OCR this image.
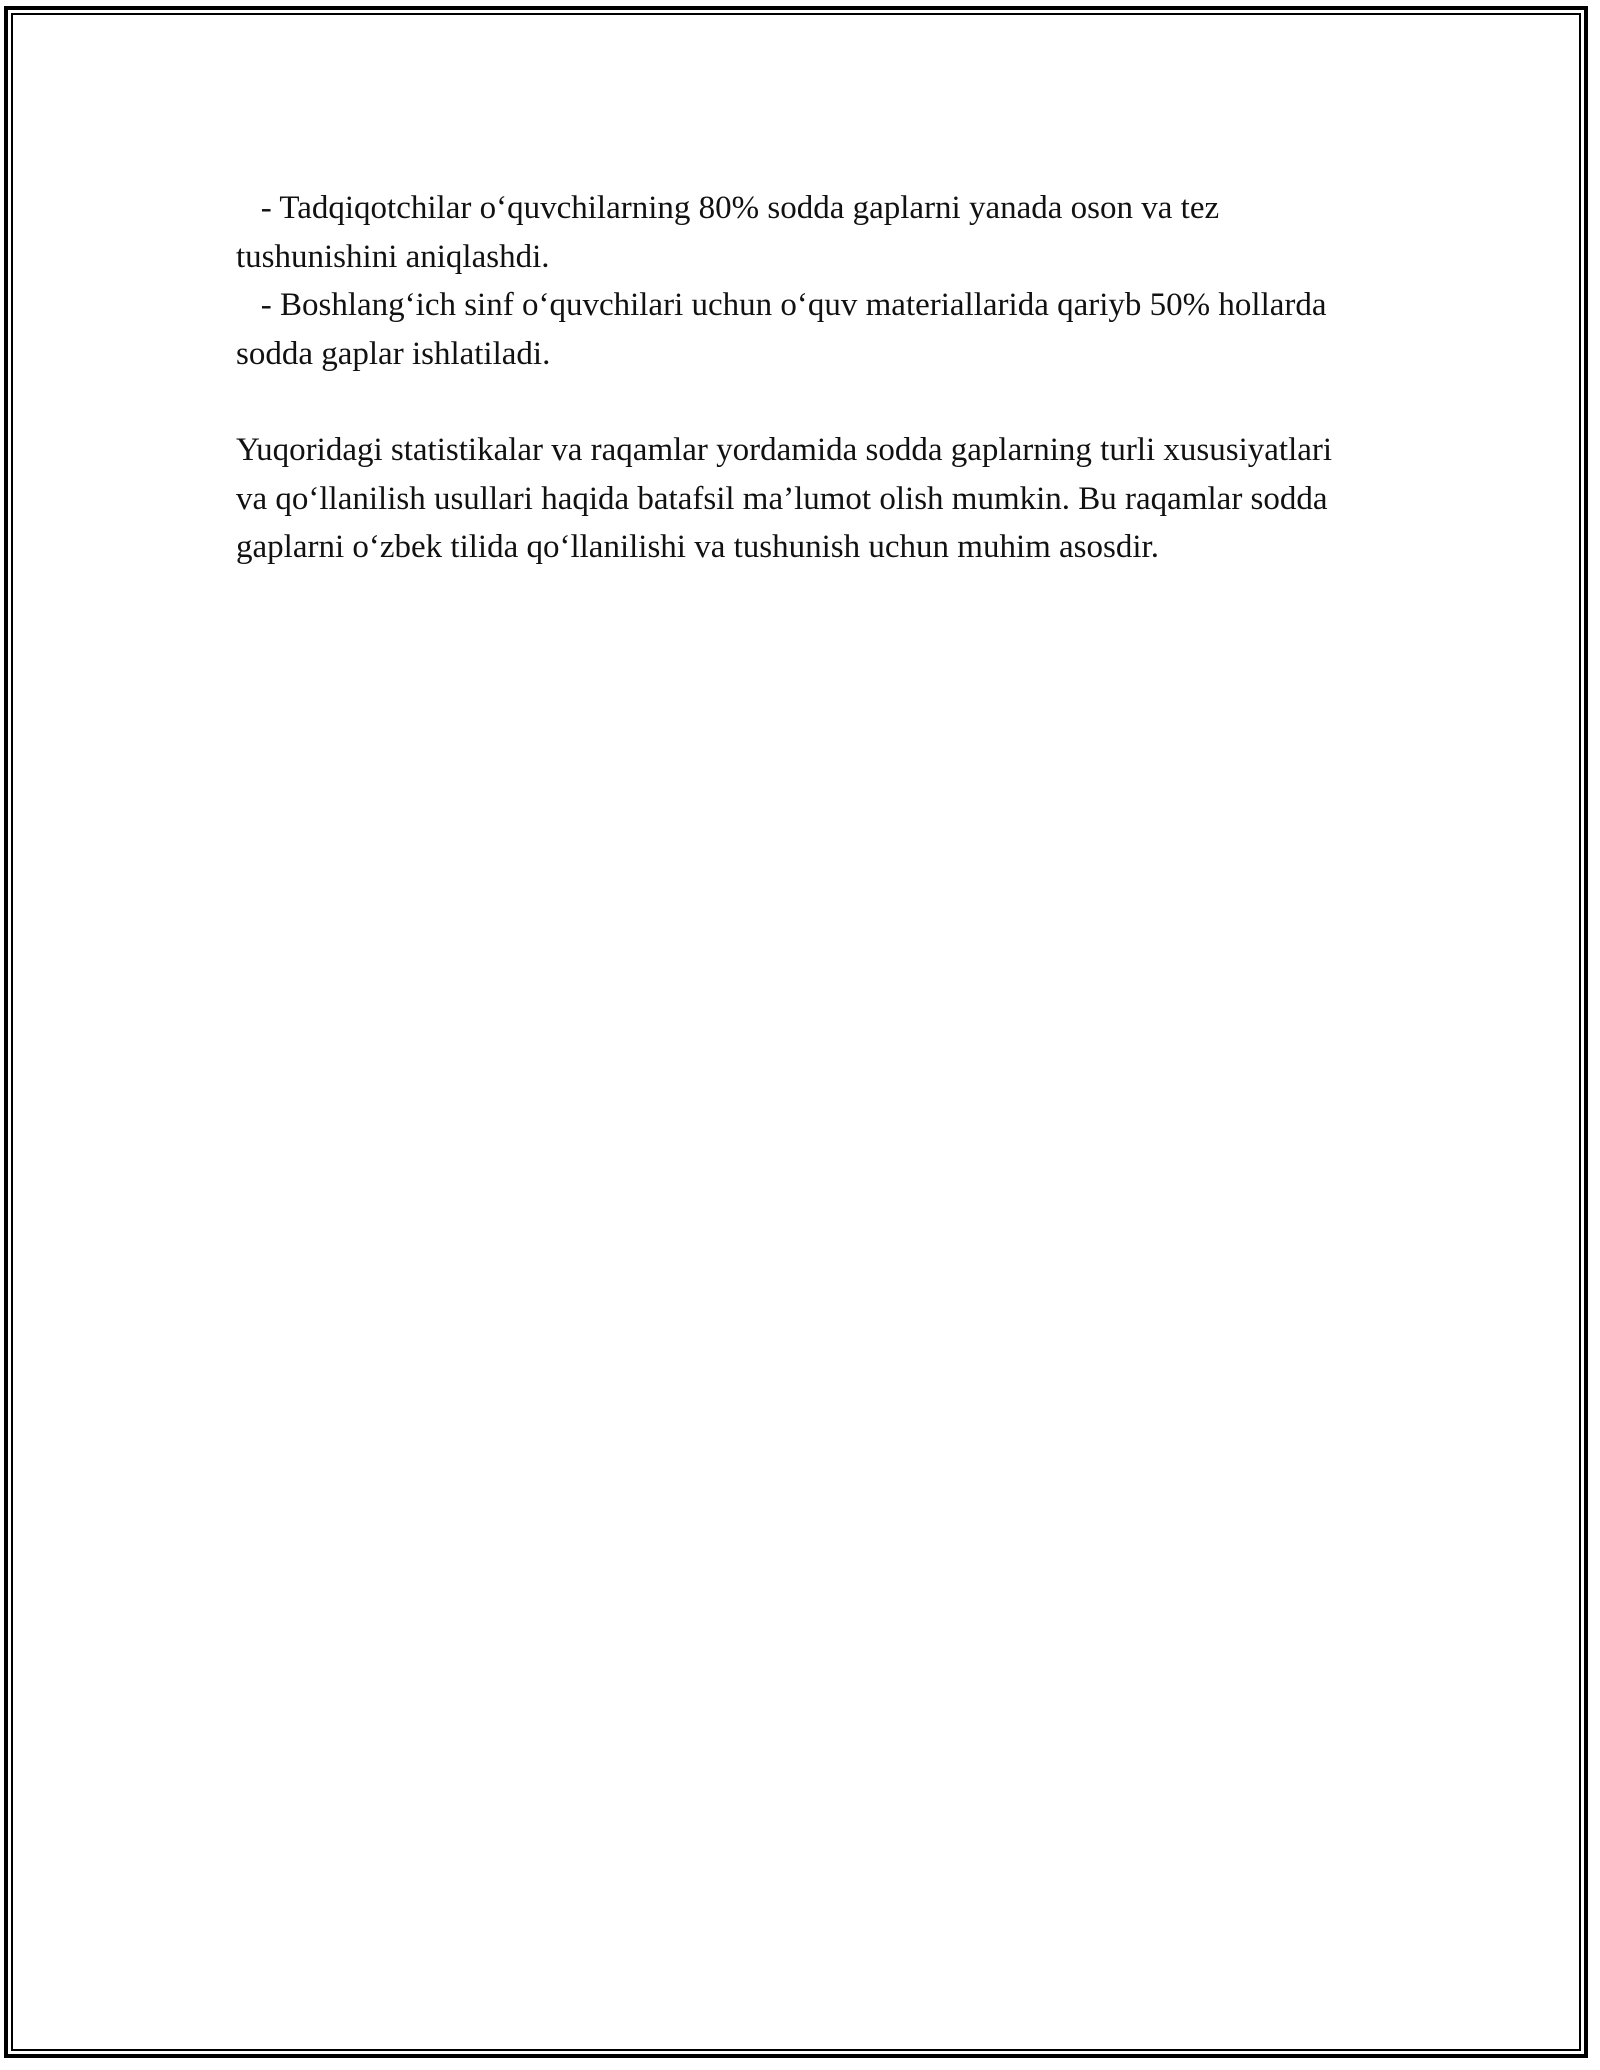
- Tadqiqotchilar o‘quvchilarning 80% sodda gaplarni yanada oson va tez tushunishini aniqlashdi.

- Boshlang‘ich sinf o‘quvchilari uchun o‘quv materiallarida qariyb 50% hollarda sodda gaplar ishlatiladi.

Yuqoridagi statistikalar va raqamlar yordamida sodda gaplarning turli xususiyatlari va qo‘llanilish usullari haqida batafsil ma’lumot olish mumkin. Bu raqamlar sodda gaplarni o‘zbek tilida qo‘llanilishi va tushunish uchun muhim asosdir.
